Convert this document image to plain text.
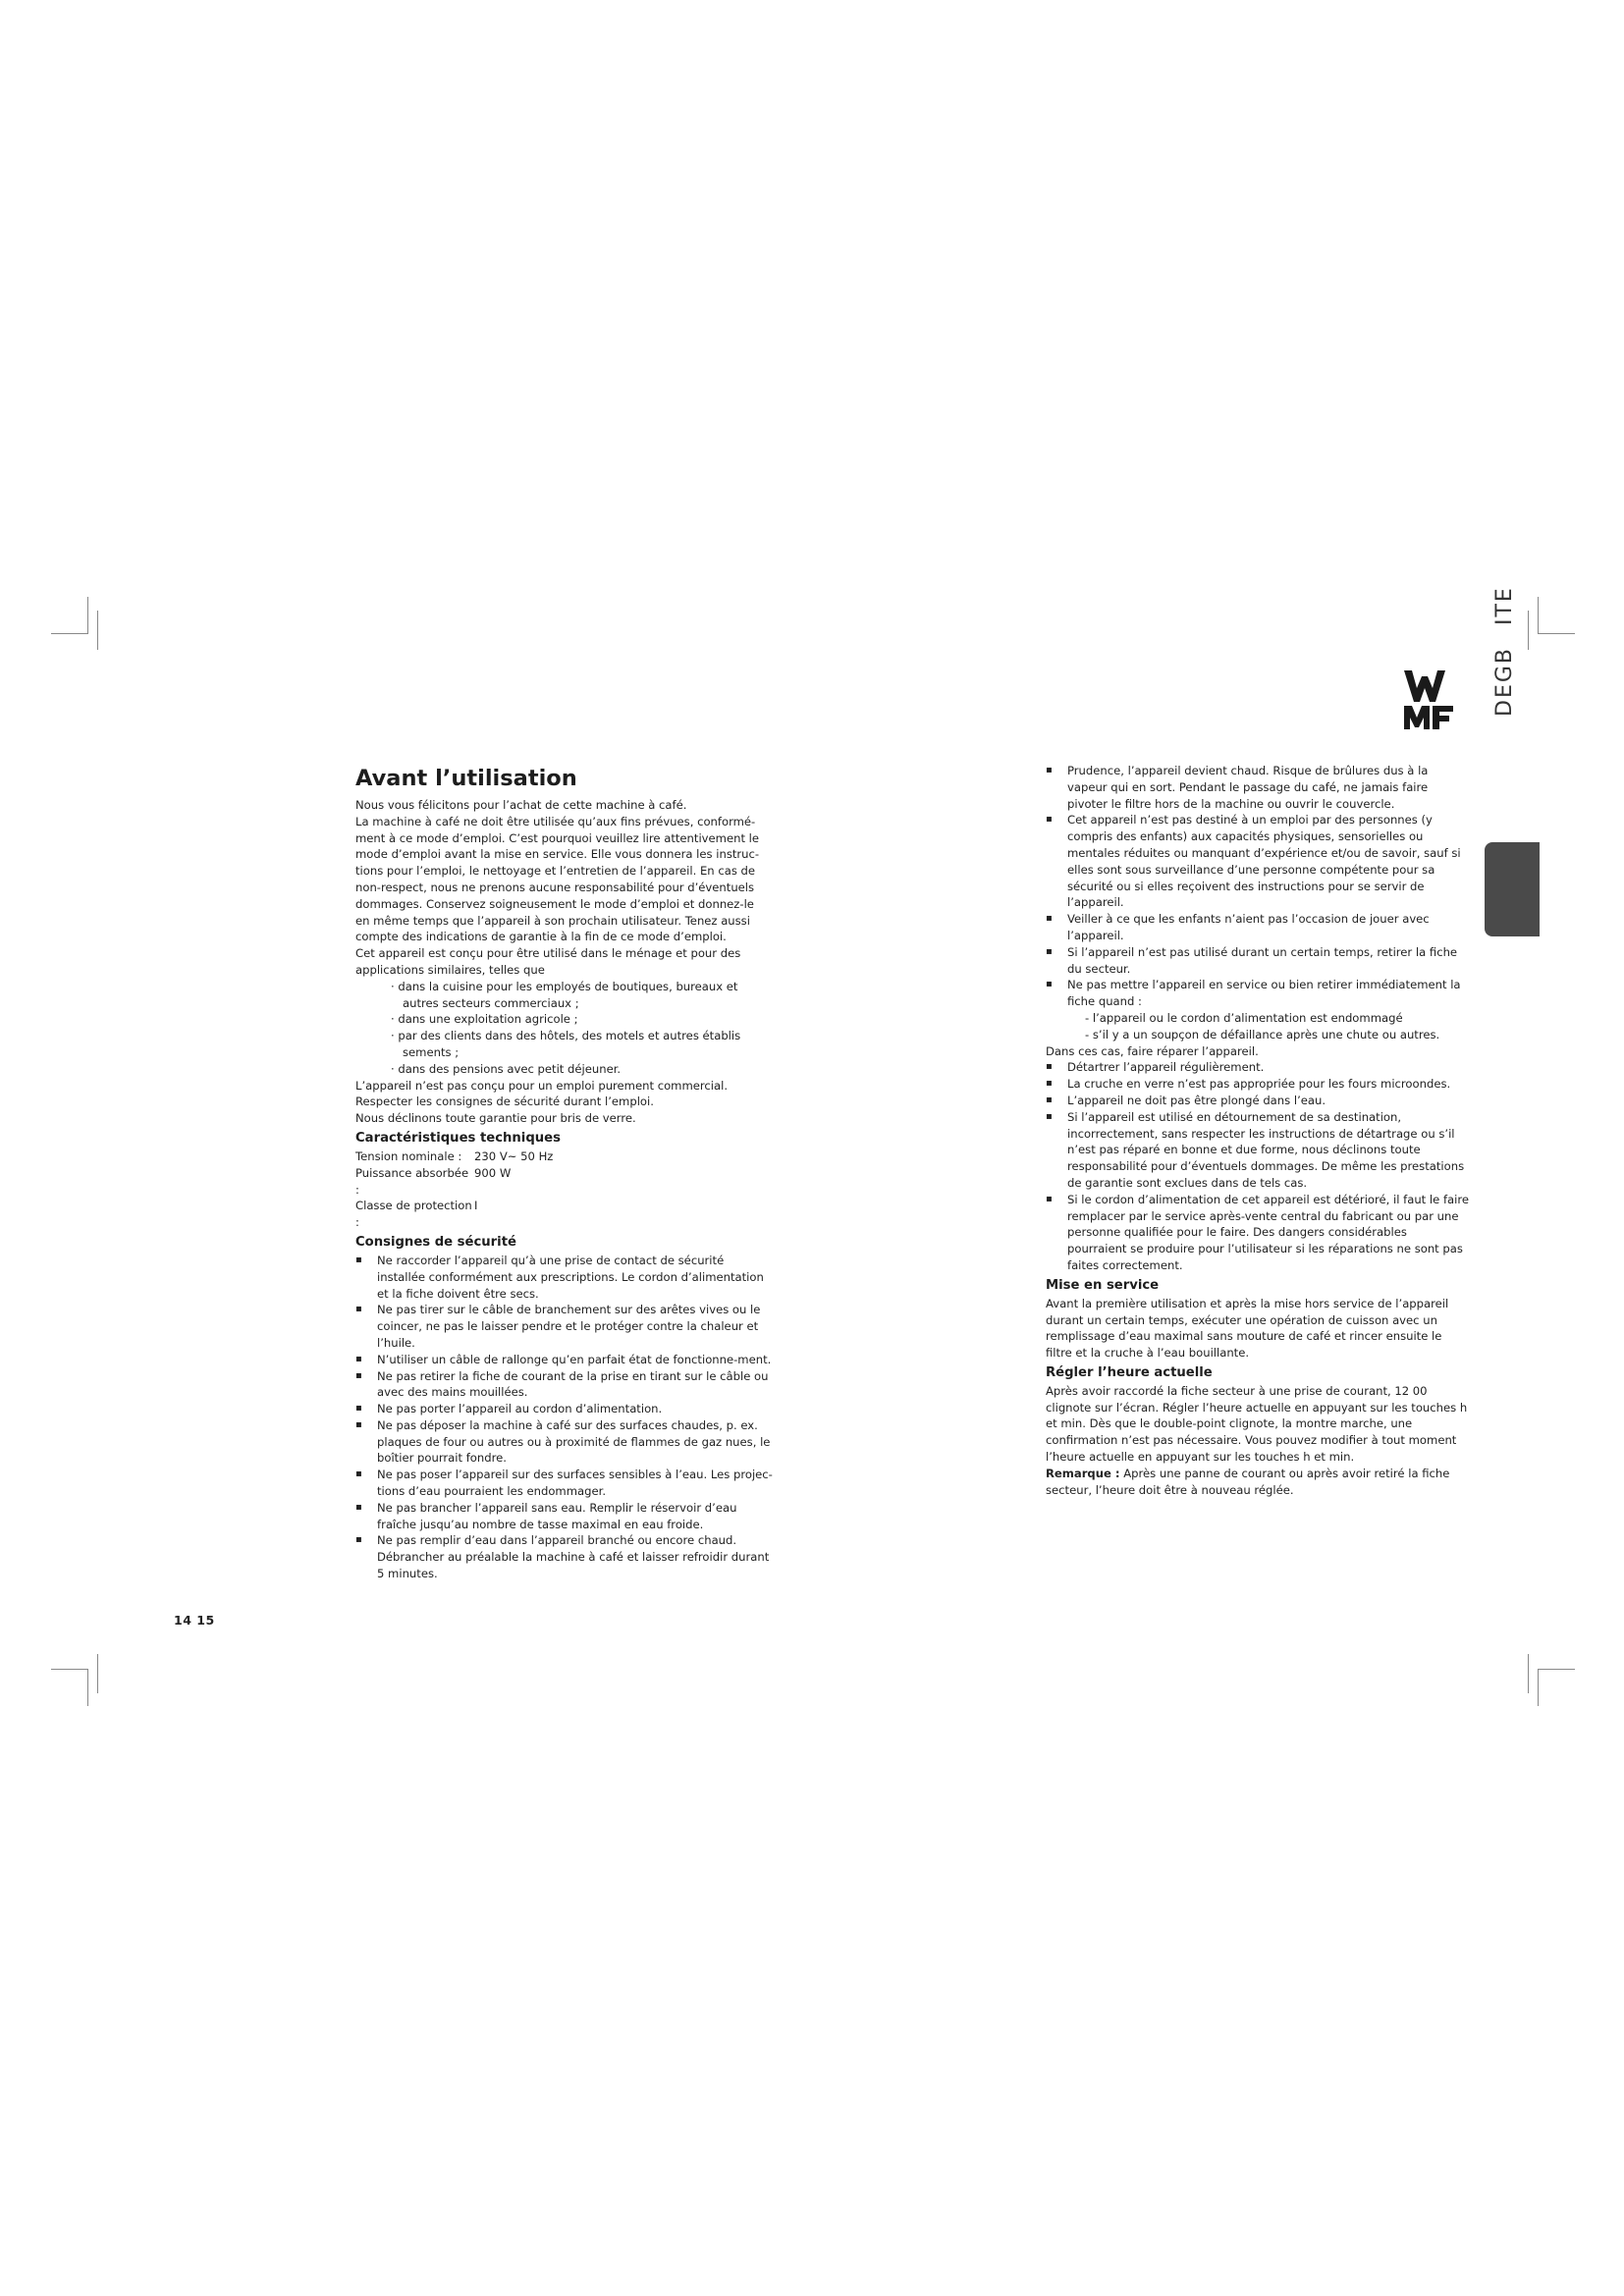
WMF	DEGBITE
Avant l’utilisation

Nous vous félicitons pour l’achat de cette machine à café.

La machine à café ne doit être utilisée qu’aux fins prévues, conformé-

ment à ce mode d’emploi. C’est pourquoi veuillez lire attentivement le

mode d’emploi avant la mise en service. Elle vous donnera les instruc-

tions pour l’emploi, le nettoyage et l’entretien de l’appareil. En cas de

non-respect, nous ne prenons aucune responsabilité pour d’éventuels

dommages. Conservez soigneusement le mode d’emploi et donnez-le

en même temps que l’appareil à son prochain utilisateur. Tenez aussi

compte des indications de garantie à la fin de ce mode d’emploi.

Cet appareil est conçu pour être utilisé dans le ménage et pour des

applications similaires, telles que

· dans la cuisine pour les employés de boutiques, bureaux et

autres secteurs commerciaux ;

· dans une exploitation agricole ;

· par des clients dans des hôtels, des motels et autres établis

sements ;

· dans des pensions avec petit déjeuner.

L’appareil n’est pas conçu pour un emploi purement commercial.

Respecter les consignes de sécurité durant l’emploi.

Nous déclinons toute garantie pour bris de verre.

Caractéristiques techniques
Tension nominale :	230 V~ 50 Hz
Puissance absorbée :
900 W
Classe de protection :
I
Consignes de sécurité
▪ Ne raccorder l’appareil qu’à une prise de contact de sécurité installée conformément aux prescriptions. Le cordon d’alimentation et la fiche doivent être secs.
▪ Ne pas tirer sur le câble de branchement sur des arêtes vives ou le coincer, ne pas le laisser pendre et le protéger contre la chaleur et l’huile.
▪ N’utiliser un câble de rallonge qu’en parfait état de fonctionne-ment.
▪ Ne pas retirer la fiche de courant de la prise en tirant sur le câble ou avec des mains mouillées.
▪ Ne pas porter l’appareil au cordon d’alimentation.
▪ Ne pas déposer la machine à café sur des surfaces chaudes, p. ex. plaques de four ou autres ou à proximité de flammes de gaz nues, le boîtier pourrait fondre.
▪ Ne pas poser l’appareil sur des surfaces sensibles à l’eau. Les projec-tions d’eau pourraient les endommager.
▪ Ne pas brancher l’appareil sans eau. Remplir le réservoir d’eau fraîche jusqu’au nombre de tasse maximal en eau froide.
▪ Ne pas remplir d’eau dans l’appareil branché ou encore chaud. Débrancher au préalable la machine à café et laisser refroidir durant 5 minutes.
▪ Prudence, l’appareil devient chaud. Risque de brûlures dus à la vapeur qui en sort. Pendant le passage du café, ne jamais faire pivoter le filtre hors de la machine ou ouvrir le couvercle.
▪ Cet appareil n’est pas destiné à un emploi par des personnes (y compris des enfants) aux capacités physiques, sensorielles ou mentales réduites ou manquant d’expérience et/ou de savoir, sauf si elles sont sous surveillance d’une personne compétente pour sa sécurité ou si elles reçoivent des instructions pour se servir de l’appareil.
▪ Veiller à ce que les enfants n’aient pas l’occasion de jouer avec l’appareil.
▪ Si l’appareil n’est pas utilisé durant un certain temps, retirer la fiche du secteur.
▪ Ne pas mettre l’appareil en service ou bien retirer immédiatement la fiche quand :
- l’appareil ou le cordon d’alimentation est endommagé
- s’il y a un soupçon de défaillance après une chute ou autres.

Dans ces cas, faire réparer l’appareil.

▪ Détartrer l’appareil régulièrement.
▪ La cruche en verre n’est pas appropriée pour les fours microondes.
▪ L’appareil ne doit pas être plongé dans l’eau.
▪ Si l’appareil est utilisé en détournement de sa destination, incorrectement, sans respecter les instructions de détartrage ou s’il n’est pas réparé en bonne et due forme, nous déclinons toute responsabilité pour d’éventuels dommages. De même les prestations de garantie sont exclues dans de tels cas.
▪ Si le cordon d’alimentation de cet appareil est détérioré, il faut le faire remplacer par le service après-vente central du fabricant ou par une personne qualifiée pour le faire. Des dangers considérables pourraient se produire pour l’utilisateur si les réparations ne sont pas faites correctement.
Mise en service

Avant la première utilisation et après la mise hors service de l’appareil durant un certain temps, exécuter une opération de cuisson avec un remplissage d’eau maximal sans mouture de café et rincer ensuite le filtre et la cruche à l’eau bouillante.

Régler l’heure actuelle

Après avoir raccordé la fiche secteur à une prise de courant, 12 00 clignote sur l’écran. Régler l’heure actuelle en appuyant sur les touches h et min. Dès que le double-point clignote, la montre marche, une confirmation n’est pas nécessaire. Vous pouvez modifier à tout moment l’heure actuelle en appuyant sur les touches h et min.

Remarque : Après une panne de courant ou après avoir retiré la fiche secteur, l’heure doit être à nouveau réglée.

14 15
